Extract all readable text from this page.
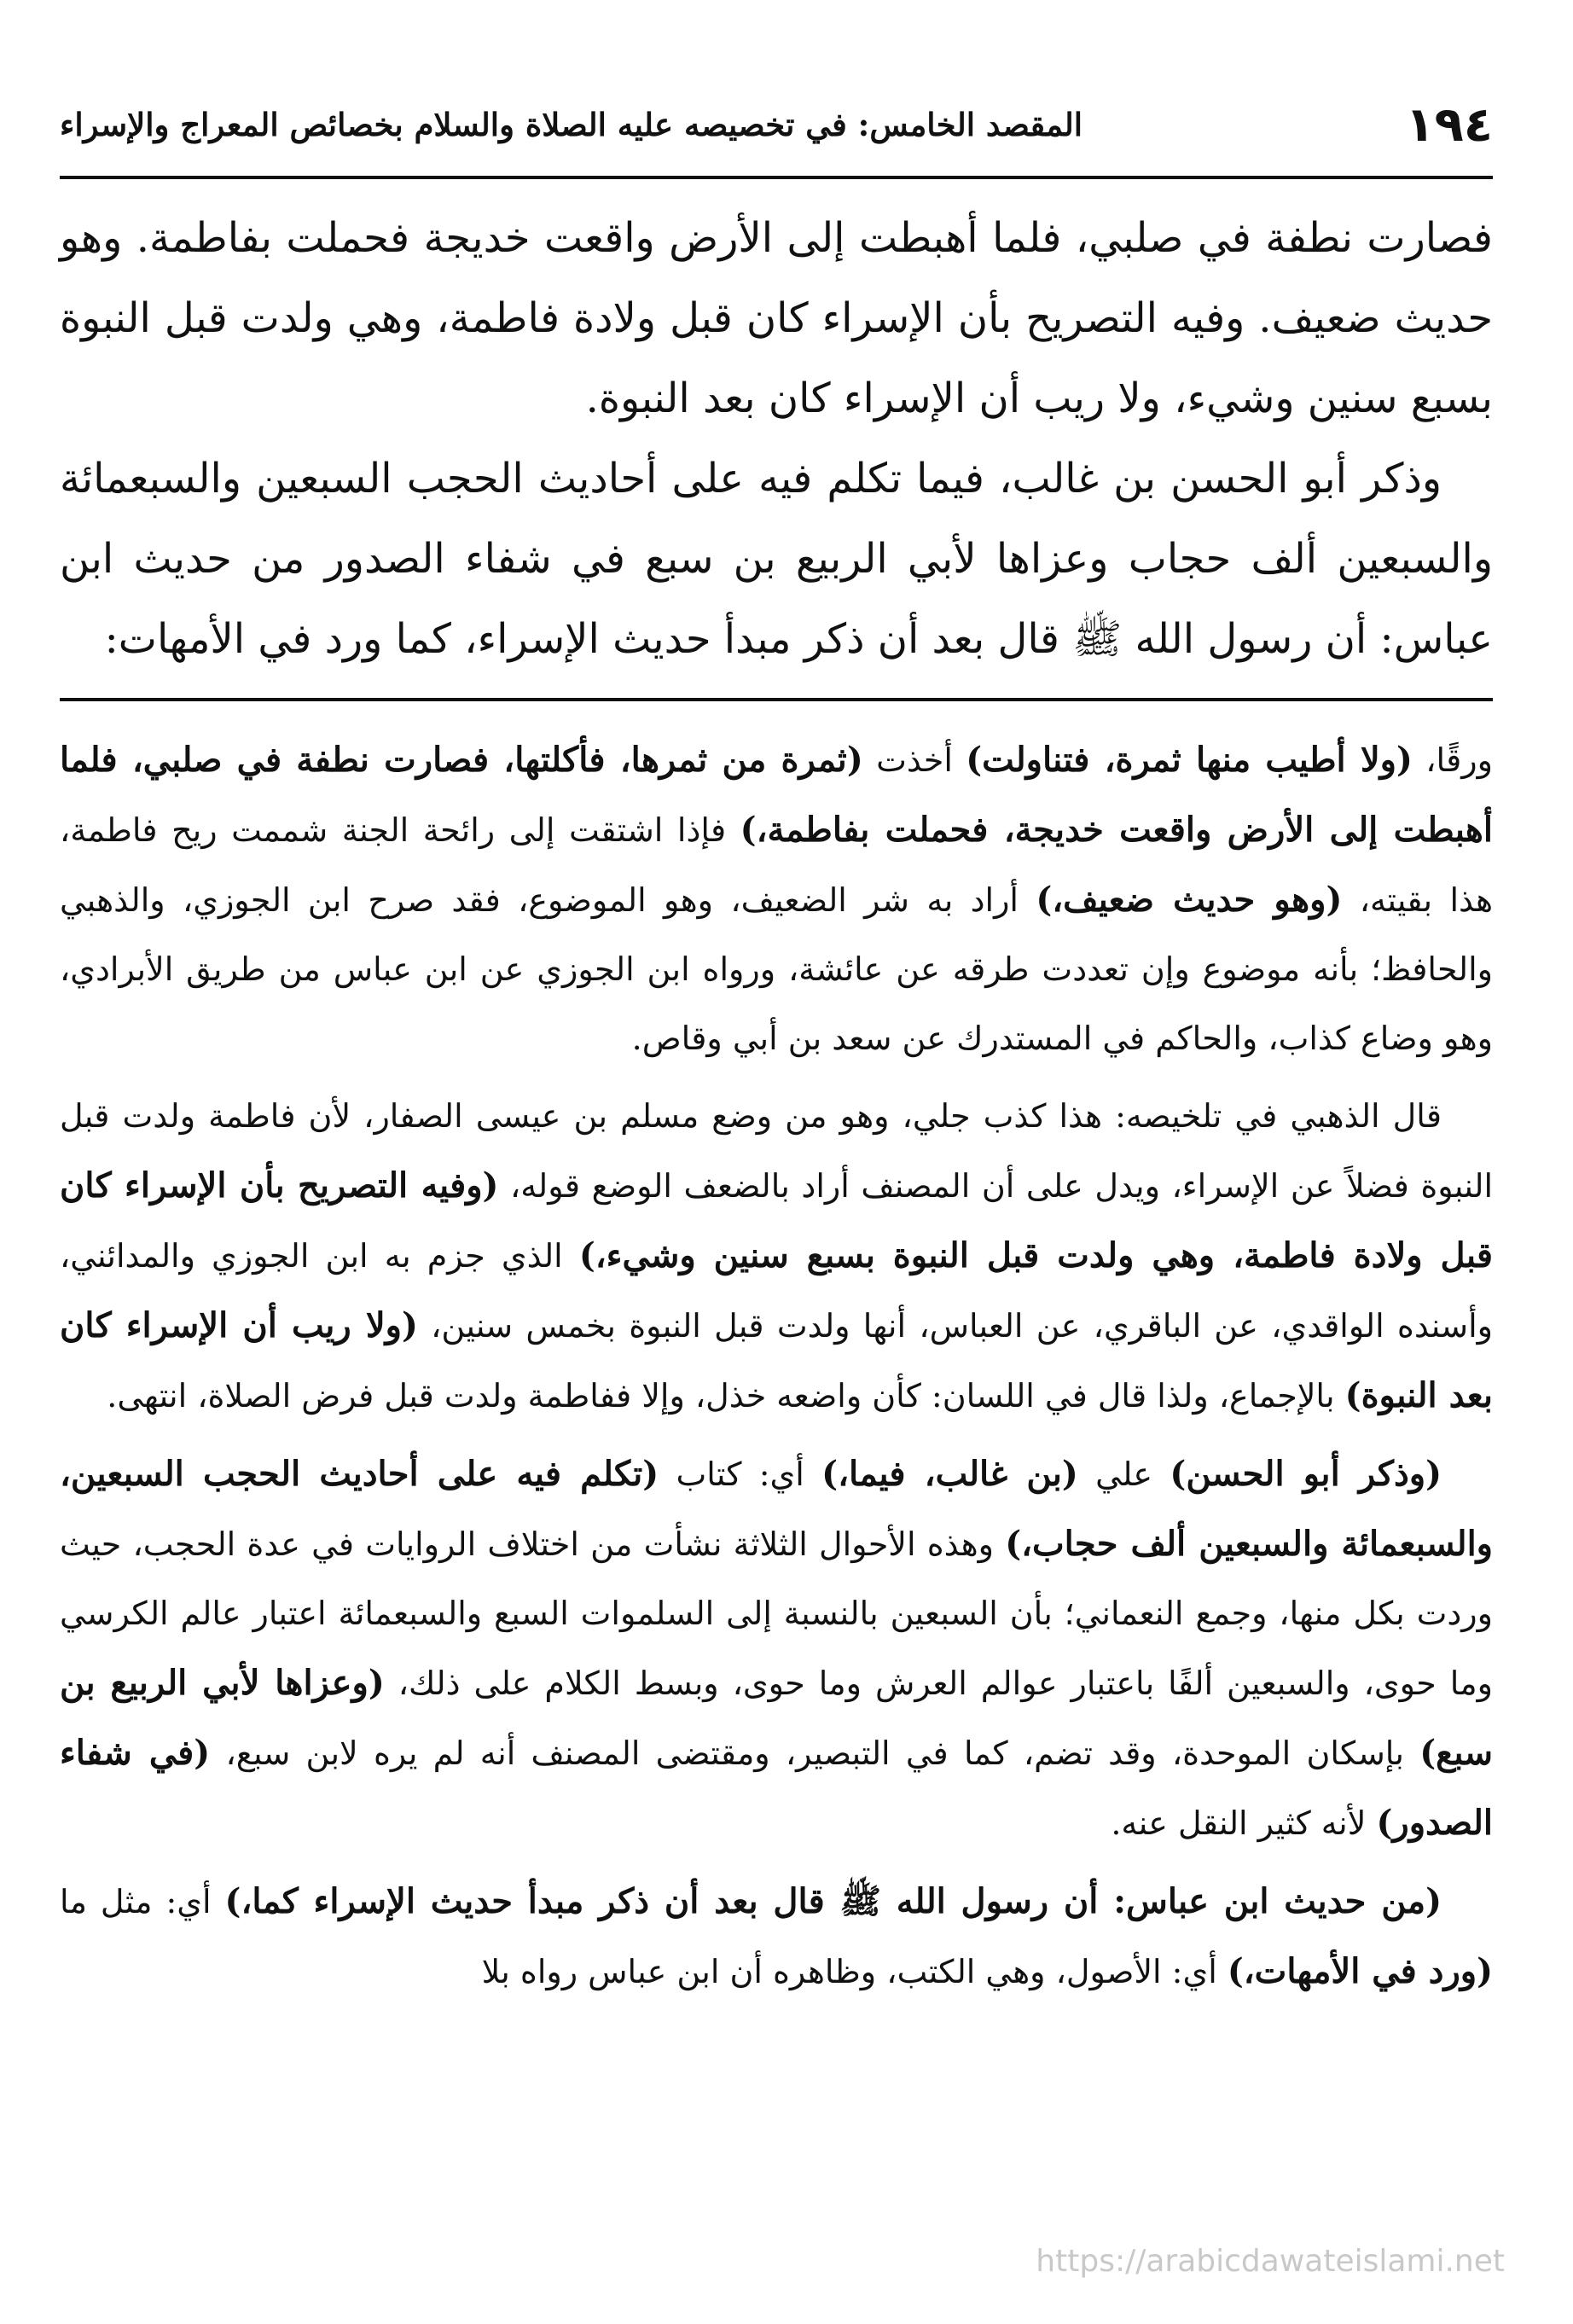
١٩٤
المقصد الخامس: في تخصيصه عليه الصلاة والسلام بخصائص المعراج والإسراء

فصارت نطفة في صلبي، فلما أهبطت إلى الأرض واقعت خديجة فحملت بفاطمة. وهو حديث ضعيف. وفيه التصريح بأن الإسراء كان قبل ولادة فاطمة، وهي ولدت قبل النبوة بسبع سنين وشيء، ولا ريب أن الإسراء كان بعد النبوة.

وذكر أبو الحسن بن غالب، فيما تكلم فيه على أحاديث الحجب السبعين والسبعمائة والسبعين ألف حجاب وعزاها لأبي الربيع بن سبع في شفاء الصدور من حديث ابن عباس: أن رسول الله ﷺ قال بعد أن ذكر مبدأ حديث الإسراء، كما ورد في الأمهات:

ورقًا، (ولا أطيب منها ثمرة، فتناولت) أخذت (ثمرة من ثمرها، فأكلتها، فصارت نطفة في صلبي، فلما أهبطت إلى الأرض واقعت خديجة، فحملت بفاطمة،) فإذا اشتقت إلى رائحة الجنة شممت ريح فاطمة، هذا بقيته، (وهو حديث ضعيف،) أراد به شر الضعيف، وهو الموضوع، فقد صرح ابن الجوزي، والذهبي والحافظ؛ بأنه موضوع وإن تعددت طرقه عن عائشة، ورواه ابن الجوزي عن ابن عباس من طريق الأبرادي، وهو وضاع كذاب، والحاكم في المستدرك عن سعد بن أبي وقاص.

قال الذهبي في تلخيصه: هذا كذب جلي، وهو من وضع مسلم بن عيسى الصفار، لأن فاطمة ولدت قبل النبوة فضلاً عن الإسراء، ويدل على أن المصنف أراد بالضعف الوضع قوله، (وفيه التصريح بأن الإسراء كان قبل ولادة فاطمة، وهي ولدت قبل النبوة بسبع سنين وشيء،) الذي جزم به ابن الجوزي والمدائني، وأسنده الواقدي، عن الباقري، عن العباس، أنها ولدت قبل النبوة بخمس سنين، (ولا ريب أن الإسراء كان بعد النبوة) بالإجماع، ولذا قال في اللسان: كأن واضعه خذل، وإلا ففاطمة ولدت قبل فرض الصلاة، انتهى.

(وذكر أبو الحسن) علي (بن غالب، فيما،) أي: كتاب (تكلم فيه على أحاديث الحجب السبعين، والسبعمائة والسبعين ألف حجاب،) وهذه الأحوال الثلاثة نشأت من اختلاف الروايات في عدة الحجب، حيث وردت بكل منها، وجمع النعماني؛ بأن السبعين بالنسبة إلى السلموات السبع والسبعمائة اعتبار عالم الكرسي وما حوى، والسبعين ألفًا باعتبار عوالم العرش وما حوى، وبسط الكلام على ذلك، (وعزاها لأبي الربيع بن سبع) بإسكان الموحدة، وقد تضم، كما في التبصير، ومقتضى المصنف أنه لم يره لابن سبع، (في شفاء الصدور) لأنه كثير النقل عنه.

(من حديث ابن عباس: أن رسول الله ﷺ قال بعد أن ذكر مبدأ حديث الإسراء كما،) أي: مثل ما (ورد في الأمهات،) أي: الأصول، وهي الكتب، وظاهره أن ابن عباس رواه بلا

https://arabicdawateislami.net
